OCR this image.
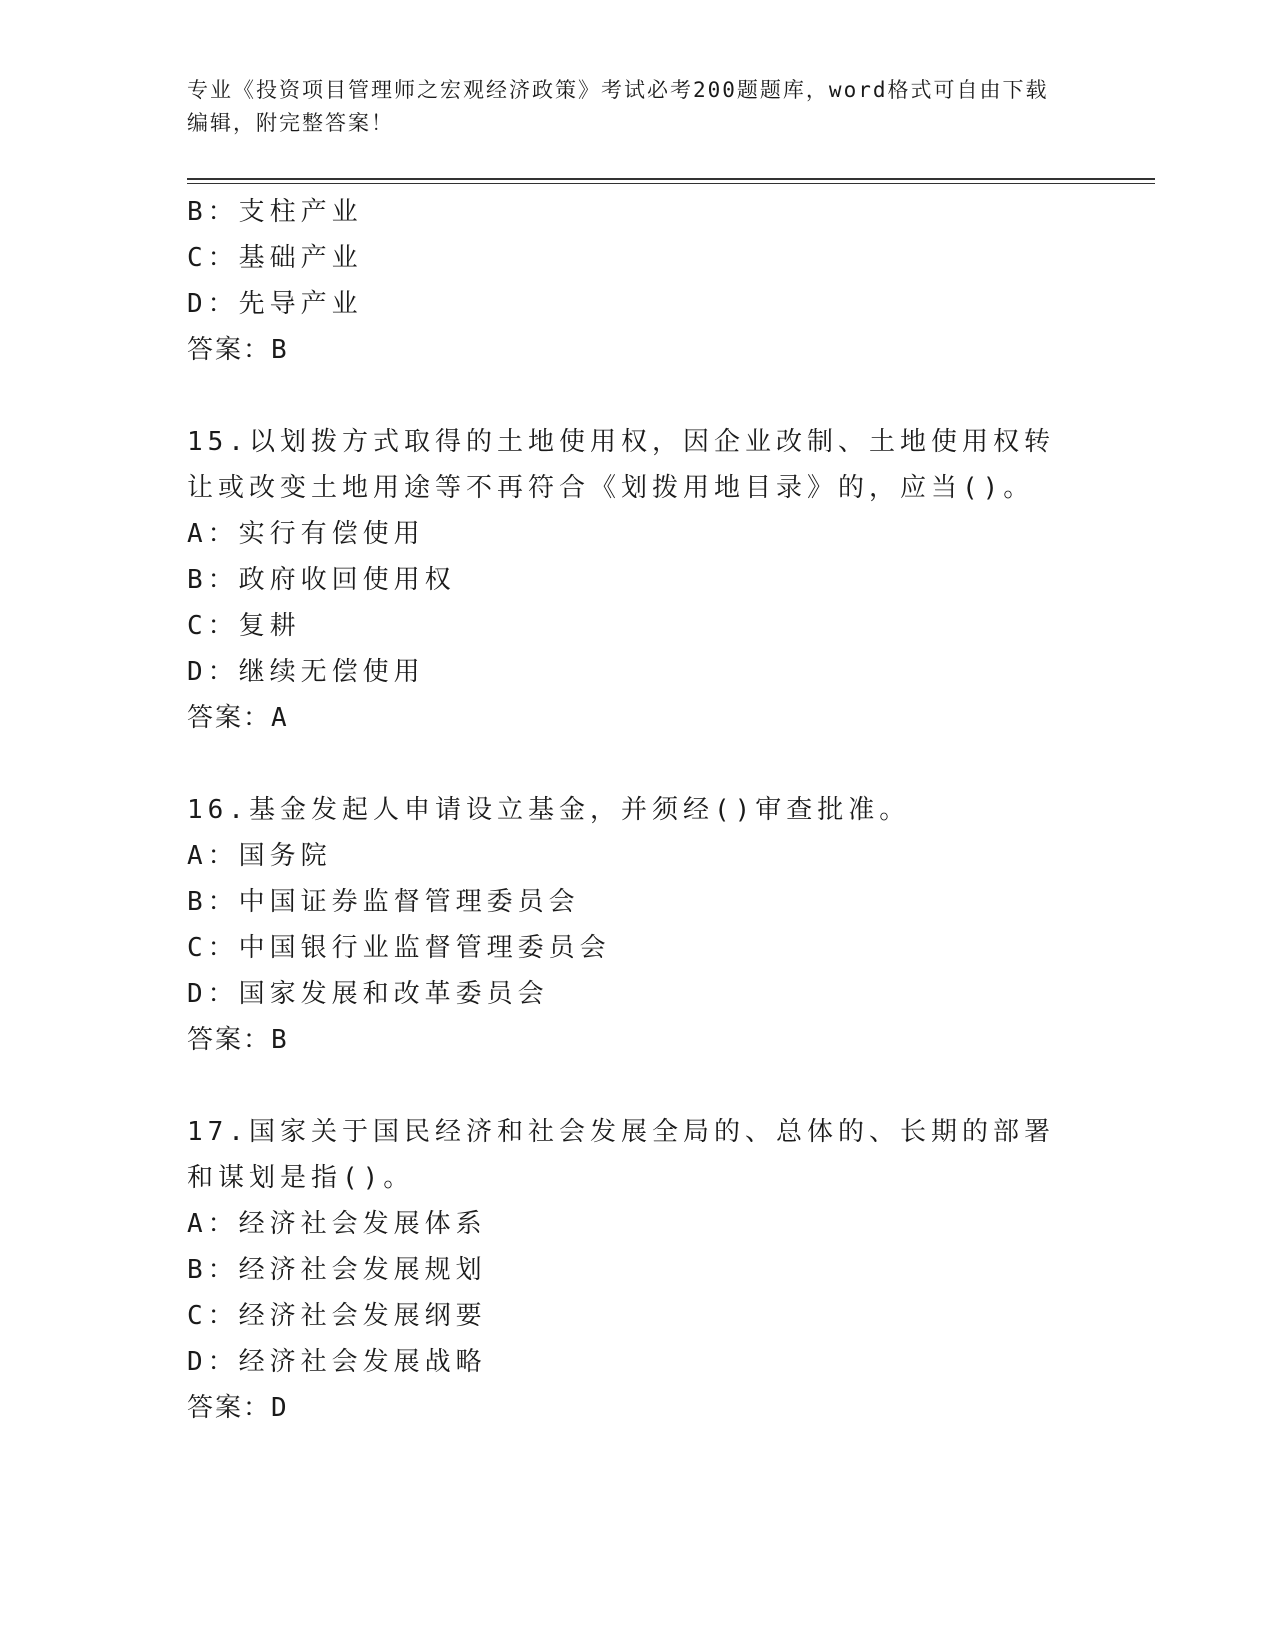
专业《投资项目管理师之宏观经济政策》考试必考200题题库，word格式可自由下载编辑，附完整答案！
B：支柱产业
C：基础产业
D：先导产业
答案：B
15.以划拨方式取得的土地使用权，因企业改制、土地使用权转让或改变土地用途等不再符合《划拨用地目录》的，应当()。
A：实行有偿使用
B：政府收回使用权
C：复耕
D：继续无偿使用
答案：A
16.基金发起人申请设立基金，并须经()审查批准。
A：国务院
B：中国证券监督管理委员会
C：中国银行业监督管理委员会
D：国家发展和改革委员会
答案：B
17.国家关于国民经济和社会发展全局的、总体的、长期的部署和谋划是指()。
A：经济社会发展体系
B：经济社会发展规划
C：经济社会发展纲要
D：经济社会发展战略
答案：D
